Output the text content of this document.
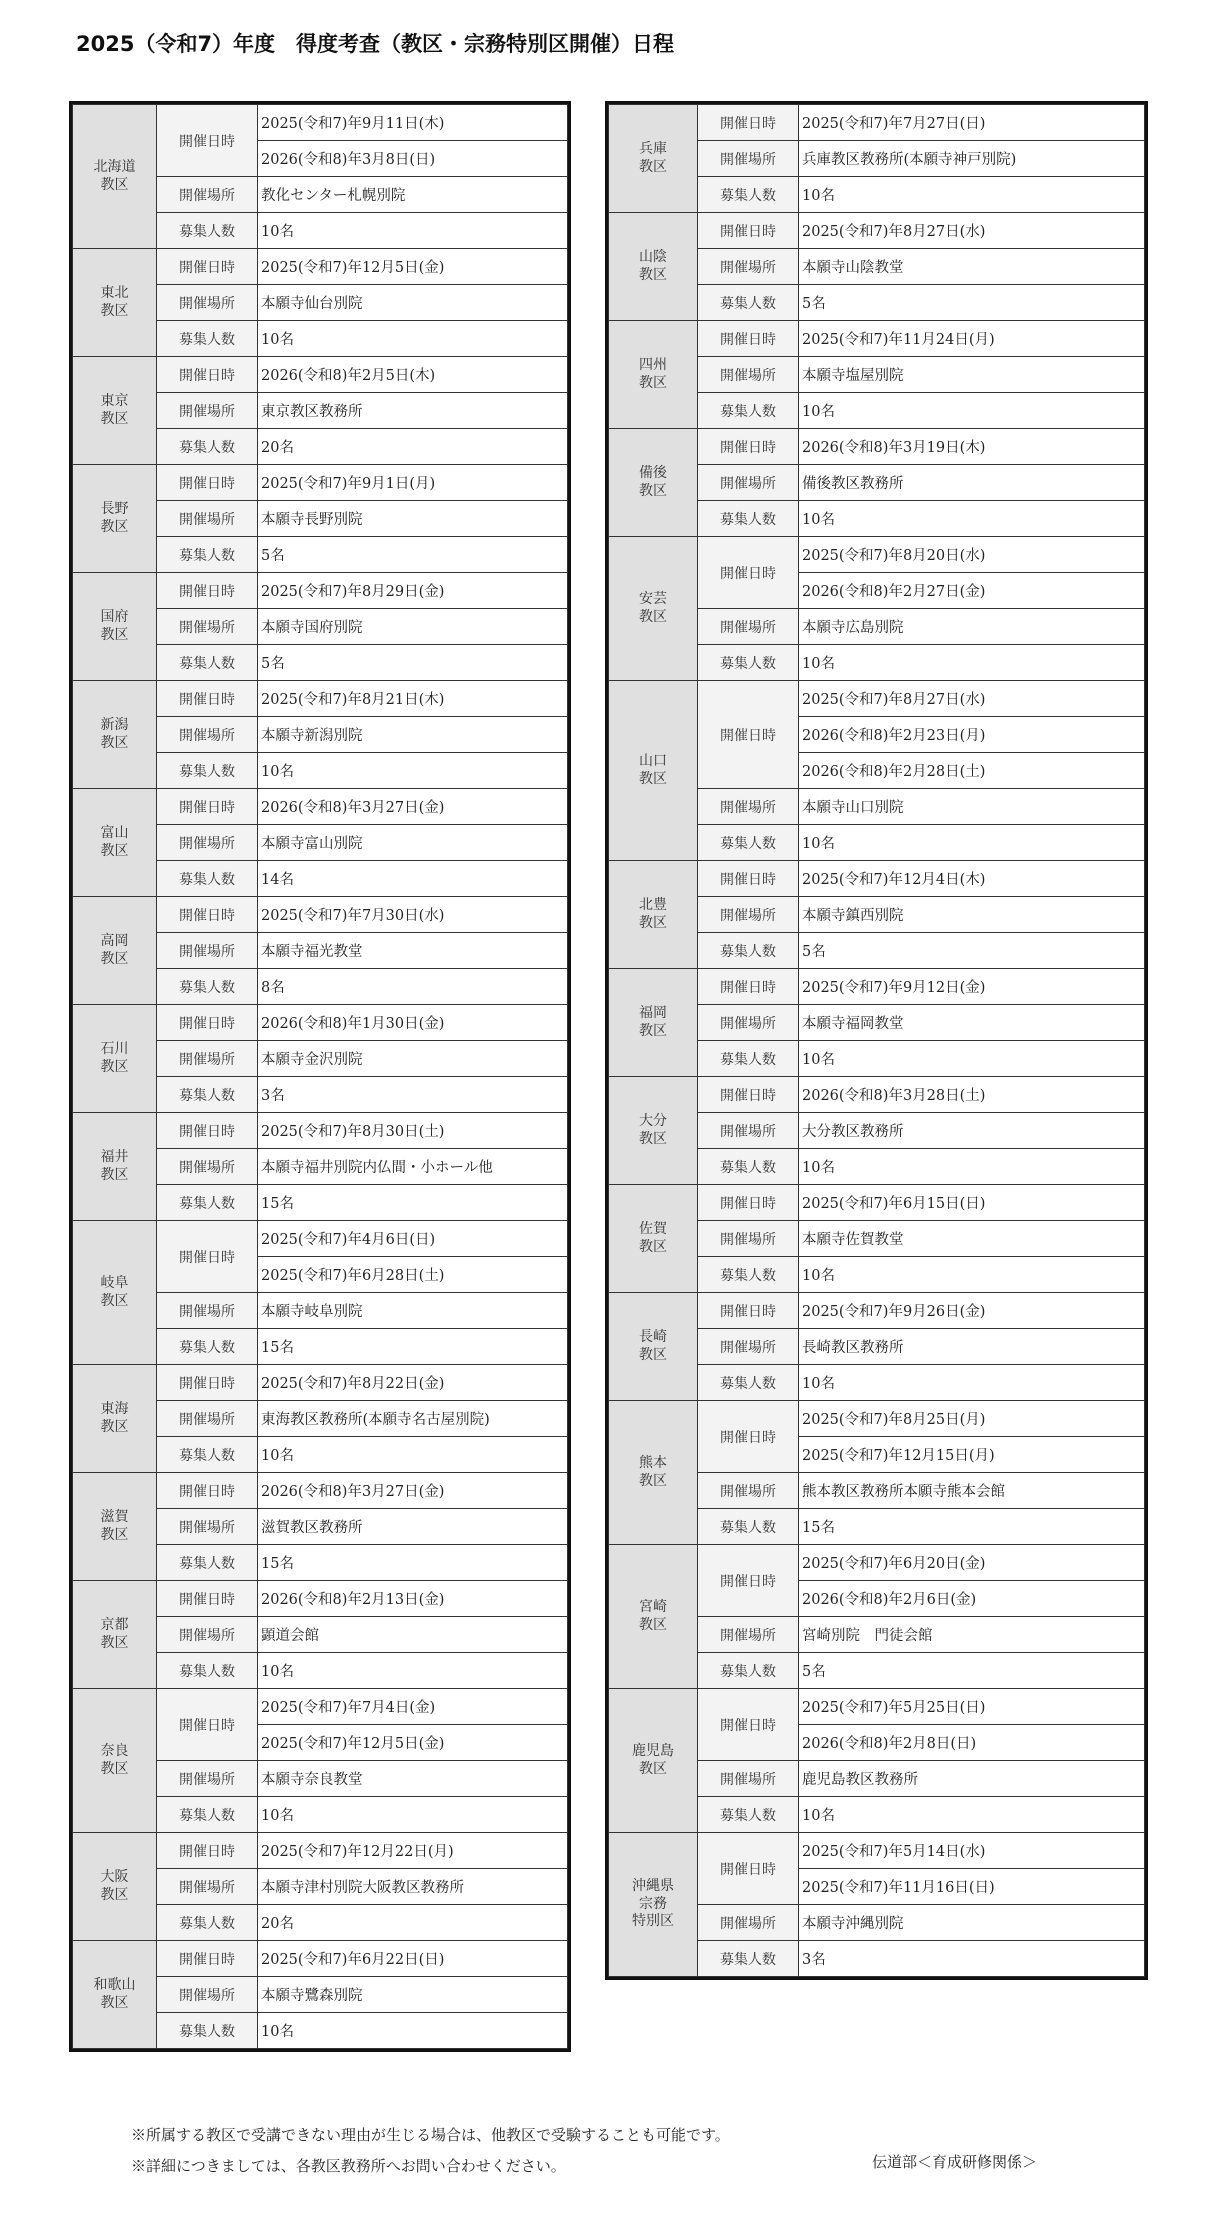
2025（令和7）年度　得度考査（教区・宗務特別区開催）日程
北海道
教区	開催日時	2025(令和7)年9月11日(木)
		2026(令和8)年3月8日(日)
	開催場所	教化センター札幌別院
	募集人数	10名
東北
教区	開催日時	2025(令和7)年12月5日(金)
	開催場所	本願寺仙台別院
	募集人数	10名
東京
教区	開催日時	2026(令和8)年2月5日(木)
	開催場所	東京教区教務所
	募集人数	20名
長野
教区	開催日時	2025(令和7)年9月1日(月)
	開催場所	本願寺長野別院
	募集人数	5名
国府
教区	開催日時	2025(令和7)年8月29日(金)
	開催場所	本願寺国府別院
	募集人数	5名
新潟
教区	開催日時	2025(令和7)年8月21日(木)
	開催場所	本願寺新潟別院
	募集人数	10名
富山
教区	開催日時	2026(令和8)年3月27日(金)
	開催場所	本願寺富山別院
	募集人数	14名
高岡
教区	開催日時	2025(令和7)年7月30日(水)
	開催場所	本願寺福光教堂
	募集人数	8名
石川
教区	開催日時	2026(令和8)年1月30日(金)
	開催場所	本願寺金沢別院
	募集人数	3名
福井
教区	開催日時	2025(令和7)年8月30日(土)
	開催場所	本願寺福井別院内仏間・小ホール他
	募集人数	15名
岐阜
教区	開催日時	2025(令和7)年4月6日(日)
		2025(令和7)年6月28日(土)
	開催場所	本願寺岐阜別院
	募集人数	15名
東海
教区	開催日時	2025(令和7)年8月22日(金)
	開催場所	東海教区教務所(本願寺名古屋別院)
	募集人数	10名
滋賀
教区	開催日時	2026(令和8)年3月27日(金)
	開催場所	滋賀教区教務所
	募集人数	15名
京都
教区	開催日時	2026(令和8)年2月13日(金)
	開催場所	顕道会館
	募集人数	10名
奈良
教区	開催日時	2025(令和7)年7月4日(金)
		2025(令和7)年12月5日(金)
	開催場所	本願寺奈良教堂
	募集人数	10名
大阪
教区	開催日時	2025(令和7)年12月22日(月)
	開催場所	本願寺津村別院大阪教区教務所
	募集人数	20名
和歌山
教区	開催日時	2025(令和7)年6月22日(日)
	開催場所	本願寺鷺森別院
	募集人数	10名
兵庫
教区	開催日時	2025(令和7)年7月27日(日)
	開催場所	兵庫教区教務所(本願寺神戸別院)
	募集人数	10名
山陰
教区	開催日時	2025(令和7)年8月27日(水)
	開催場所	本願寺山陰教堂
	募集人数	5名
四州
教区	開催日時	2025(令和7)年11月24日(月)
	開催場所	本願寺塩屋別院
	募集人数	10名
備後
教区	開催日時	2026(令和8)年3月19日(木)
	開催場所	備後教区教務所
	募集人数	10名
安芸
教区	開催日時	2025(令和7)年8月20日(水)
		2026(令和8)年2月27日(金)
	開催場所	本願寺広島別院
	募集人数	10名
山口
教区	開催日時	2025(令和7)年8月27日(水)
		2026(令和8)年2月23日(月)
		2026(令和8)年2月28日(土)
	開催場所	本願寺山口別院
	募集人数	10名
北豊
教区	開催日時	2025(令和7)年12月4日(木)
	開催場所	本願寺鎮西別院
	募集人数	5名
福岡
教区	開催日時	2025(令和7)年9月12日(金)
	開催場所	本願寺福岡教堂
	募集人数	10名
大分
教区	開催日時	2026(令和8)年3月28日(土)
	開催場所	大分教区教務所
	募集人数	10名
佐賀
教区	開催日時	2025(令和7)年6月15日(日)
	開催場所	本願寺佐賀教堂
	募集人数	10名
長崎
教区	開催日時	2025(令和7)年9月26日(金)
	開催場所	長崎教区教務所
	募集人数	10名
熊本
教区	開催日時	2025(令和7)年8月25日(月)
		2025(令和7)年12月15日(月)
	開催場所	熊本教区教務所本願寺熊本会館
	募集人数	15名
宮崎
教区	開催日時	2025(令和7)年6月20日(金)
		2026(令和8)年2月6日(金)
	開催場所	宮崎別院　門徒会館
	募集人数	5名
鹿児島
教区	開催日時	2025(令和7)年5月25日(日)
		2026(令和8)年2月8日(日)
	開催場所	鹿児島教区教務所
	募集人数	10名
沖縄県
宗務
特別区	開催日時	2025(令和7)年5月14日(水)
		2025(令和7)年11月16日(日)
	開催場所	本願寺沖縄別院
	募集人数	3名
※所属する教区で受講できない理由が生じる場合は、他教区で受験することも可能です。
※詳細につきましては、各教区教務所へお問い合わせください。	伝道部＜育成研修関係＞
